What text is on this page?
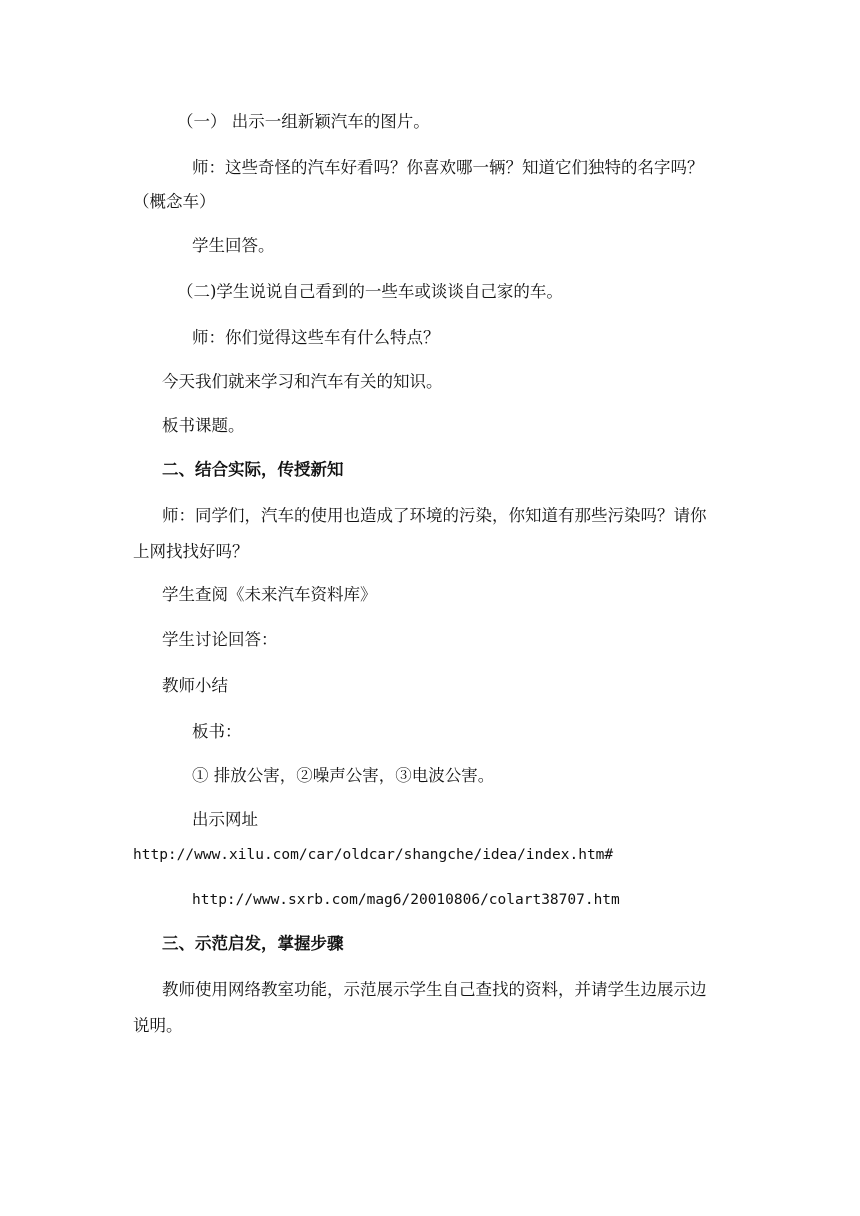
（一） 出示一组新颖汽车的图片。

师：这些奇怪的汽车好看吗？你喜欢哪一辆？知道它们独特的名字吗？

（概念车）

学生回答。

（二)学生说说自己看到的一些车或谈谈自己家的车。

师：你们觉得这些车有什么特点？

今天我们就来学习和汽车有关的知识。

板书课题。

二、结合实际，传授新知

师：同学们，汽车的使用也造成了环境的污染，你知道有那些污染吗？请你

上网找找好吗？

学生查阅《未来汽车资料库》

学生讨论回答：

教师小结

板书：

① 排放公害，②噪声公害，③电波公害。

出示网址

http://www.xilu.com/car/oldcar/shangche/idea/index.htm#

http://www.sxrb.com/mag6/20010806/colart38707.htm

三、示范启发，掌握步骤

教师使用网络教室功能，示范展示学生自己查找的资料，并请学生边展示边

说明。
